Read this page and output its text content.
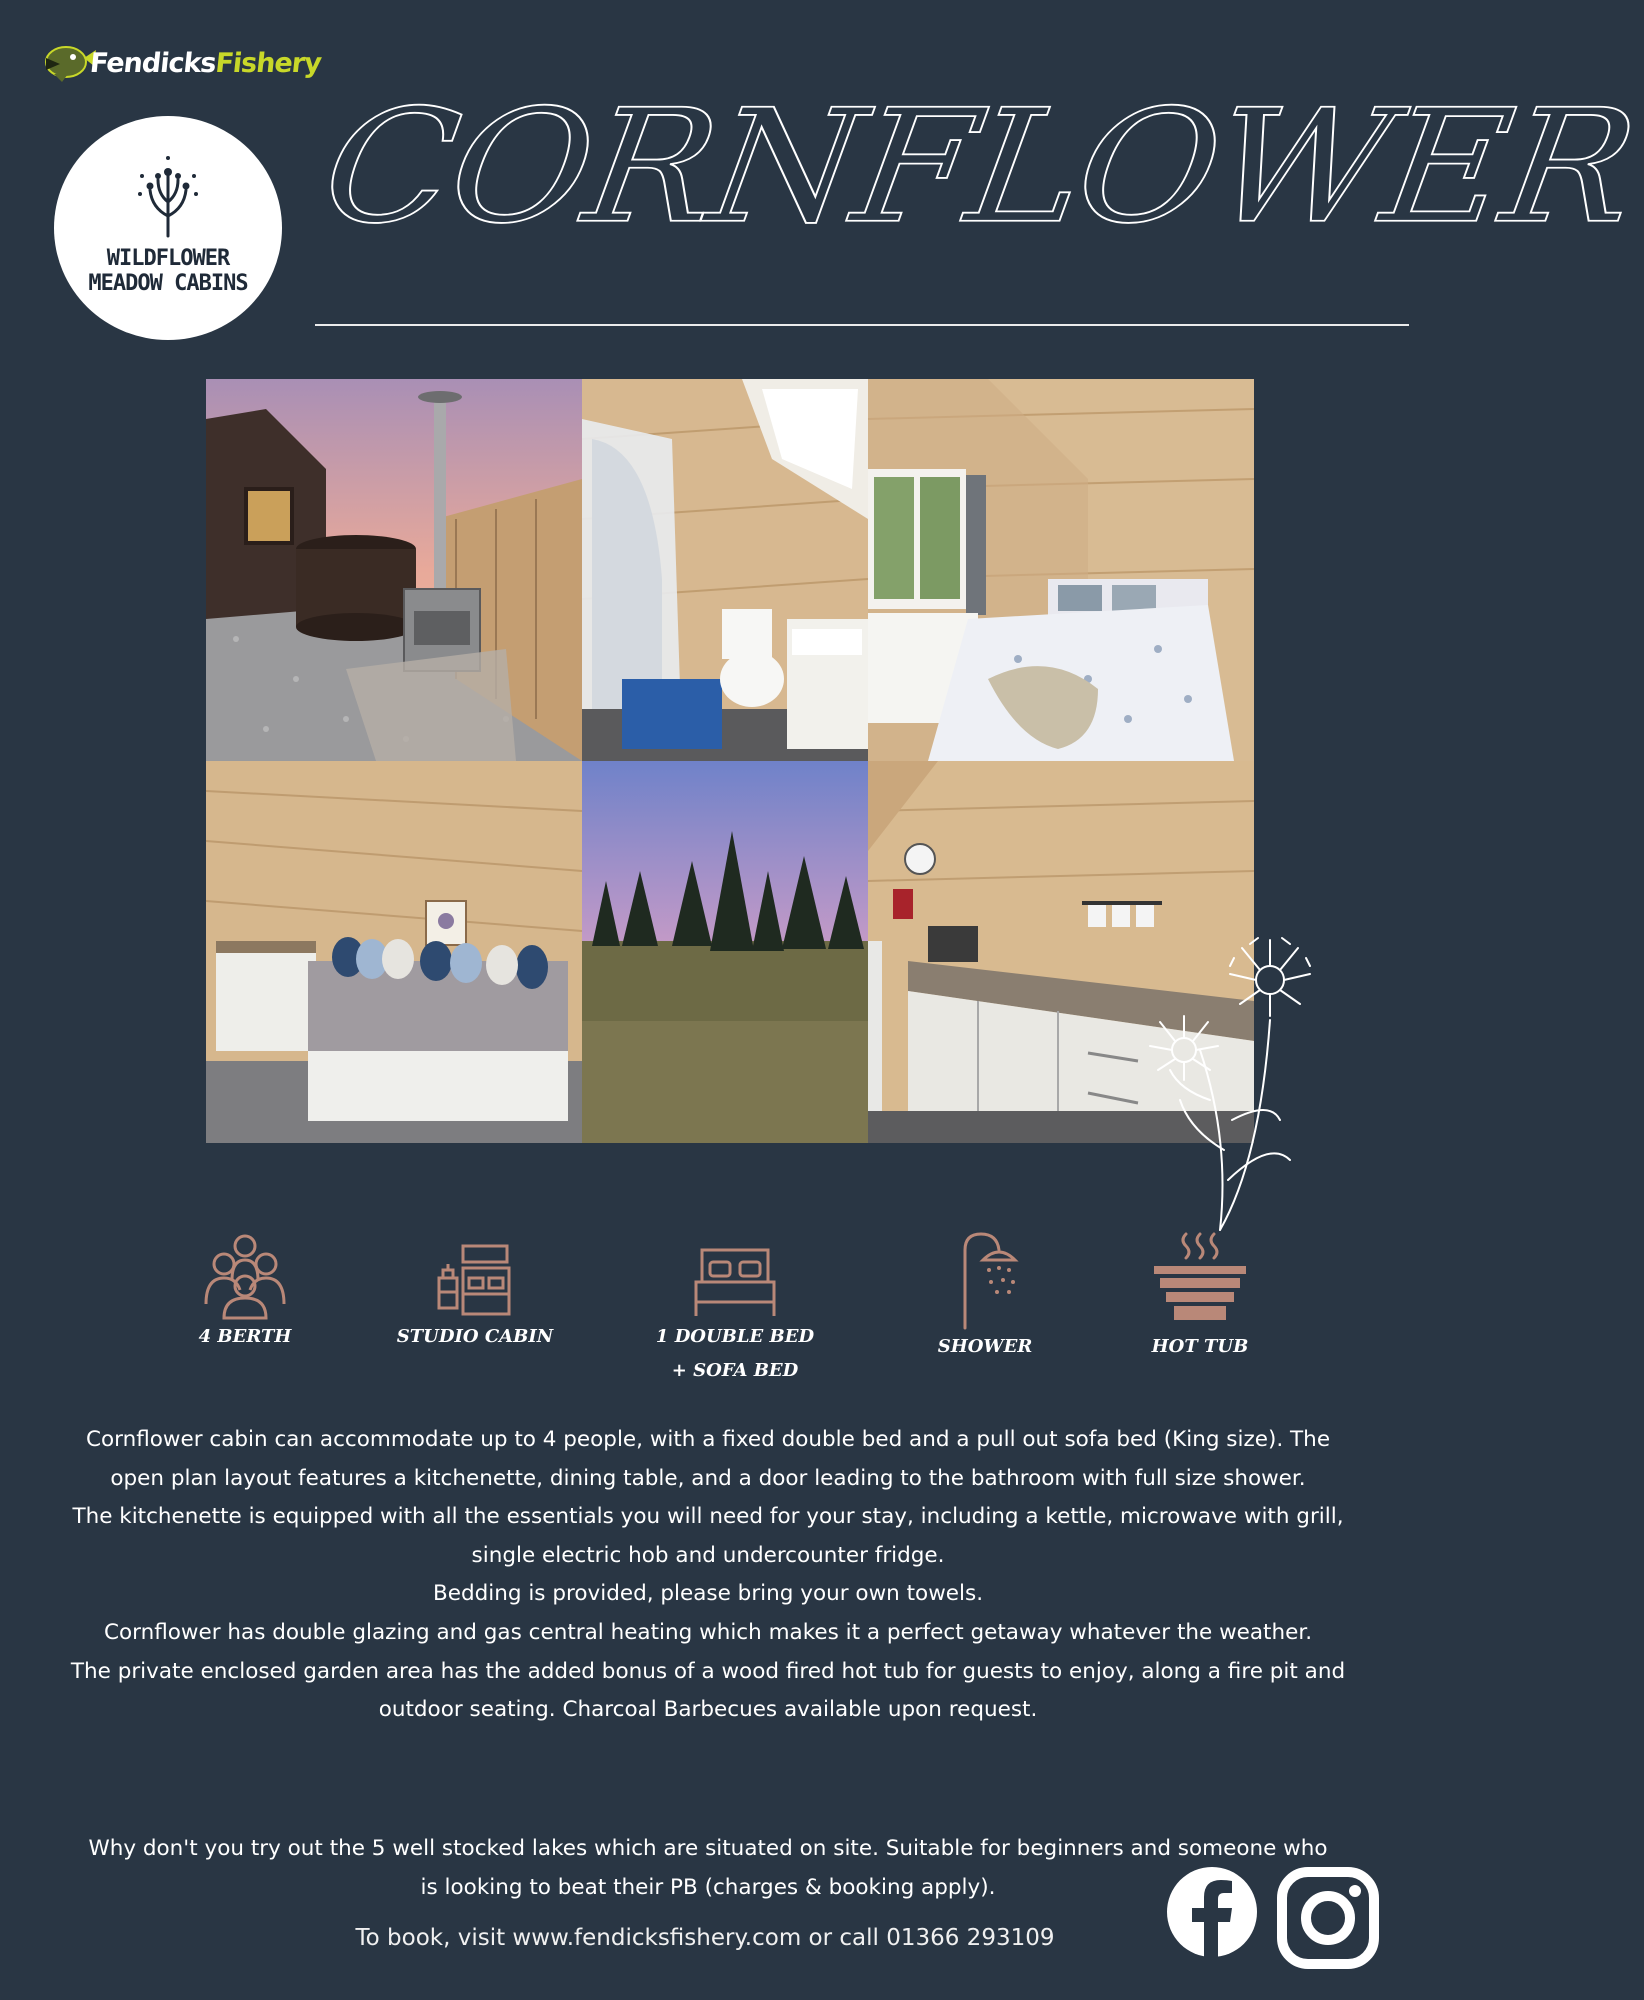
FendicksFishery
WILDFLOWER
MEADOW CABINS
CORNFLOWER
4 BERTH	STUDIO CABIN	1 DOUBLE BED
+ SOFA BED
SHOWER	HOT TUB

Cornflower cabin can accommodate up to 4 people, with a fixed double bed and a pull out sofa bed (King size). The open plan layout features a kitchenette, dining table, and a door leading to the bathroom with full size shower.

The kitchenette is equipped with all the essentials you will need for your stay, including a kettle, microwave with grill, single electric hob and undercounter fridge.

Bedding is provided, please bring your own towels.

Cornflower has double glazing and gas central heating which makes it a perfect getaway whatever the weather.

The private enclosed garden area has the added bonus of a wood fired hot tub for guests to enjoy, along a fire pit and outdoor seating. Charcoal Barbecues available upon request.

Why don't you try out the 5 well stocked lakes which are situated on site. Suitable for beginners and someone who is looking to beat their PB (charges & booking apply).
To book, visit www.fendicksfishery.com or call 01366 293109
